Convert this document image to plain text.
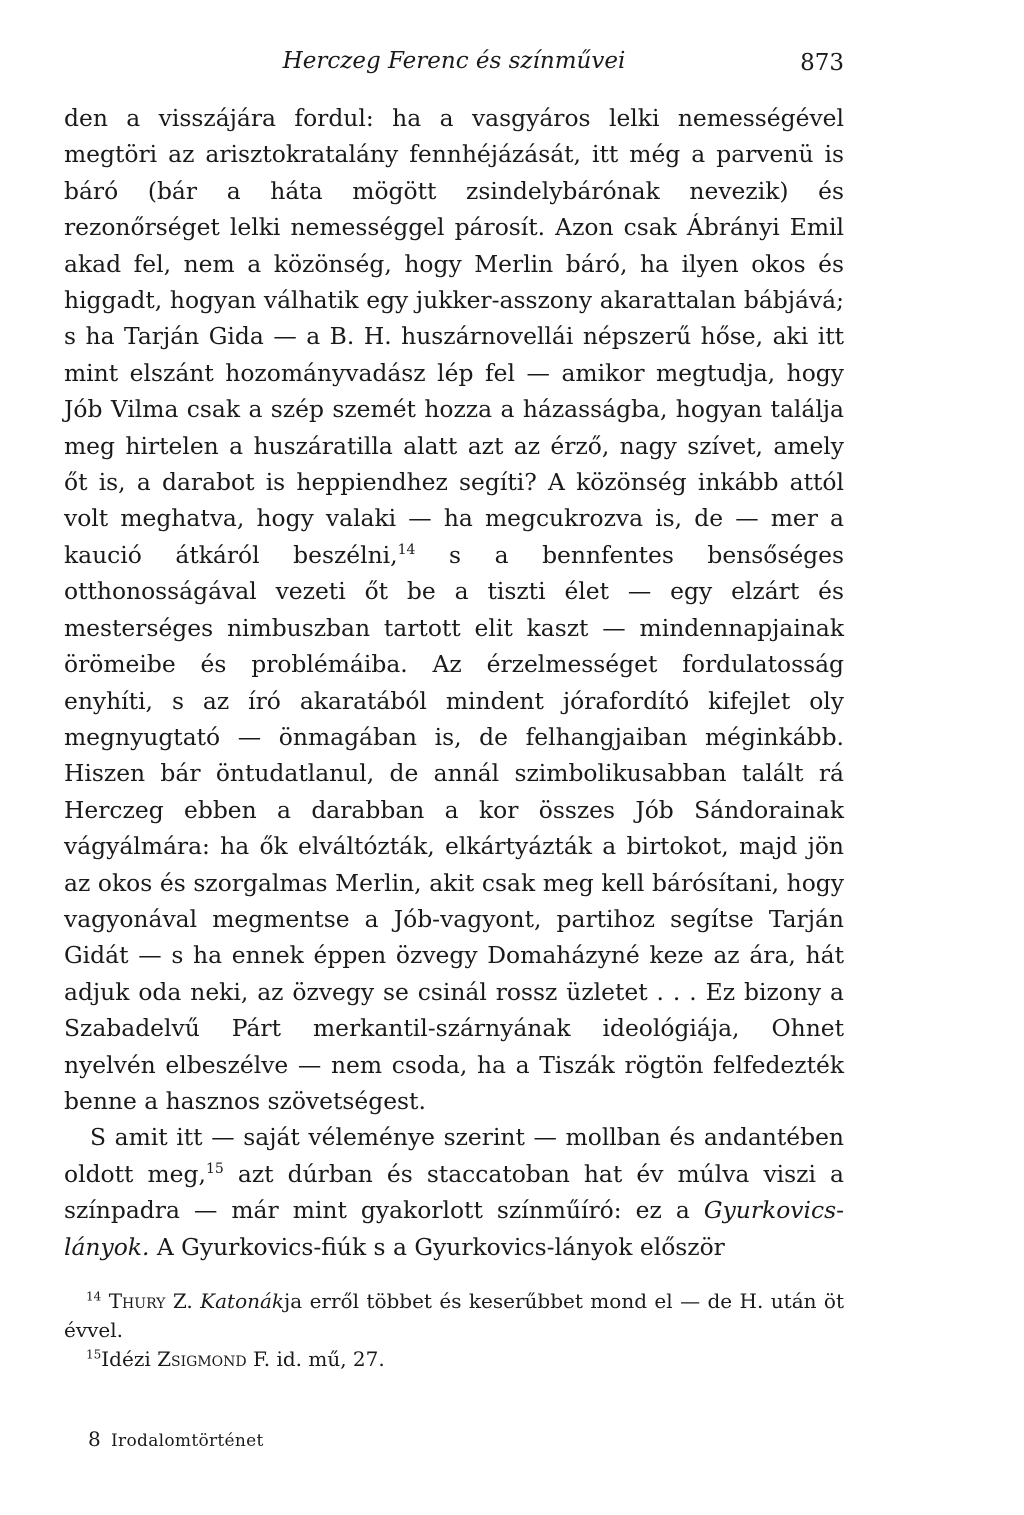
Herczeg Ferenc és színművei	873

den a visszájára fordul: ha a vasgyáros lelki nemességével megtöri az arisztokratalány fennhéjázását, itt még a parvenü is báró (bár a háta mögött zsindelybárónak nevezik) és rezonőrséget lelki nemességgel párosít. Azon csak Ábrányi Emil akad fel, nem a közönség, hogy Merlin báró, ha ilyen okos és higgadt, hogyan válhatik egy jukker-asszony akarattalan bábjává; s ha Tarján Gida — a B. H. huszárnovellái népszerű hőse, aki itt mint elszánt hozományvadász lép fel — amikor megtudja, hogy Jób Vilma csak a szép szemét hozza a házasságba, hogyan találja meg hirtelen a huszáratilla alatt azt az érző, nagy szívet, amely őt is, a darabot is heppiendhez segíti? A közönség inkább attól volt meghatva, hogy valaki — ha megcukrozva is, de — mer a kaució átkáról beszélni,$^{14}$ s a bennfentes bensőséges otthonosságával vezeti őt be a tiszti élet — egy elzárt és mesterséges nimbuszban tartott elit kaszt — mindennapjainak örömeibe és problémáiba. Az érzelmességet fordulatosság enyhíti, s az író akaratából mindent jórafordító kifejlet oly megnyugtató — önmagában is, de felhangjaiban méginkább. Hiszen bár öntudatlanul, de annál szimbolikusabban talált rá Herczeg ebben a darabban a kor összes Jób Sándorainak vágyálmára: ha ők elváltózták, elkártyázták a birtokot, majd jön az okos és szorgalmas Merlin, akit csak meg kell bárósítani, hogy vagyonával megmentse a Jób-vagyont, partihoz segítse Tarján Gidát — s ha ennek éppen özvegy Domaházyné keze az ára, hát adjuk oda neki, az özvegy se csinál rossz üzletet . . . Ez bizony a Szabadelvű Párt merkantil-szárnyának ideológiája, Ohnet nyelvén elbeszélve — nem csoda, ha a Tiszák rögtön felfedezték benne a hasznos szövetségest.

S amit itt — saját véleménye szerint — mollban és andantében oldott meg,$^{15}$ azt dúrban és staccatoban hat év múlva viszi a színpadra — már mint gyakorlott színműíró: ez a Gyurkovics-lányok. A Gyurkovics-fiúk s a Gyurkovics-lányok először

$^{14}$ Thury Z. Katonákja erről többet és keserűbbet mond el — de H. után öt évvel.

$^{15}$Idézi Zsigmond F. id. mű, 27.

8 Irodalomtörténet
